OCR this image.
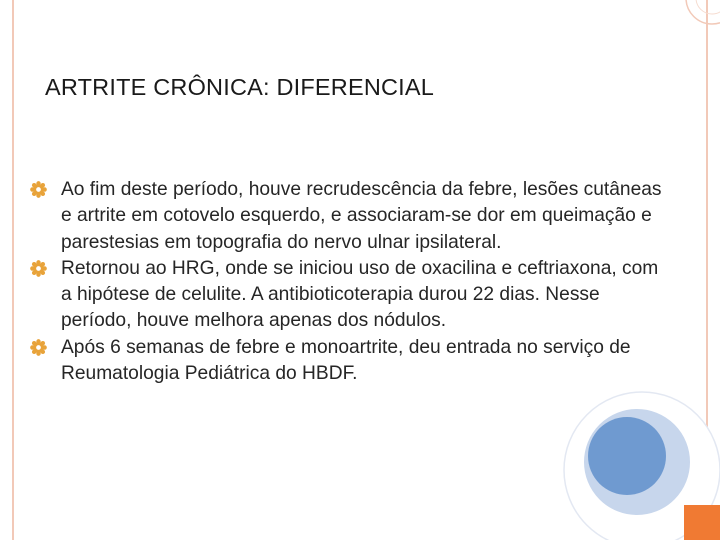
ARTRITE CRÔNICA: DIFERENCIAL
Ao fim deste período, houve recrudescência da febre, lesões cutâneas e artrite em cotovelo esquerdo, e associaram-se dor em queimação e parestesias em topografia do nervo ulnar ipsilateral.
Retornou ao HRG, onde se iniciou uso de oxacilina e ceftriaxona, com a hipótese de celulite. A antibioticoterapia durou 22 dias. Nesse período, houve melhora apenas dos nódulos.
Após 6 semanas de febre e monoartrite, deu entrada no serviço de Reumatologia Pediátrica do HBDF.
